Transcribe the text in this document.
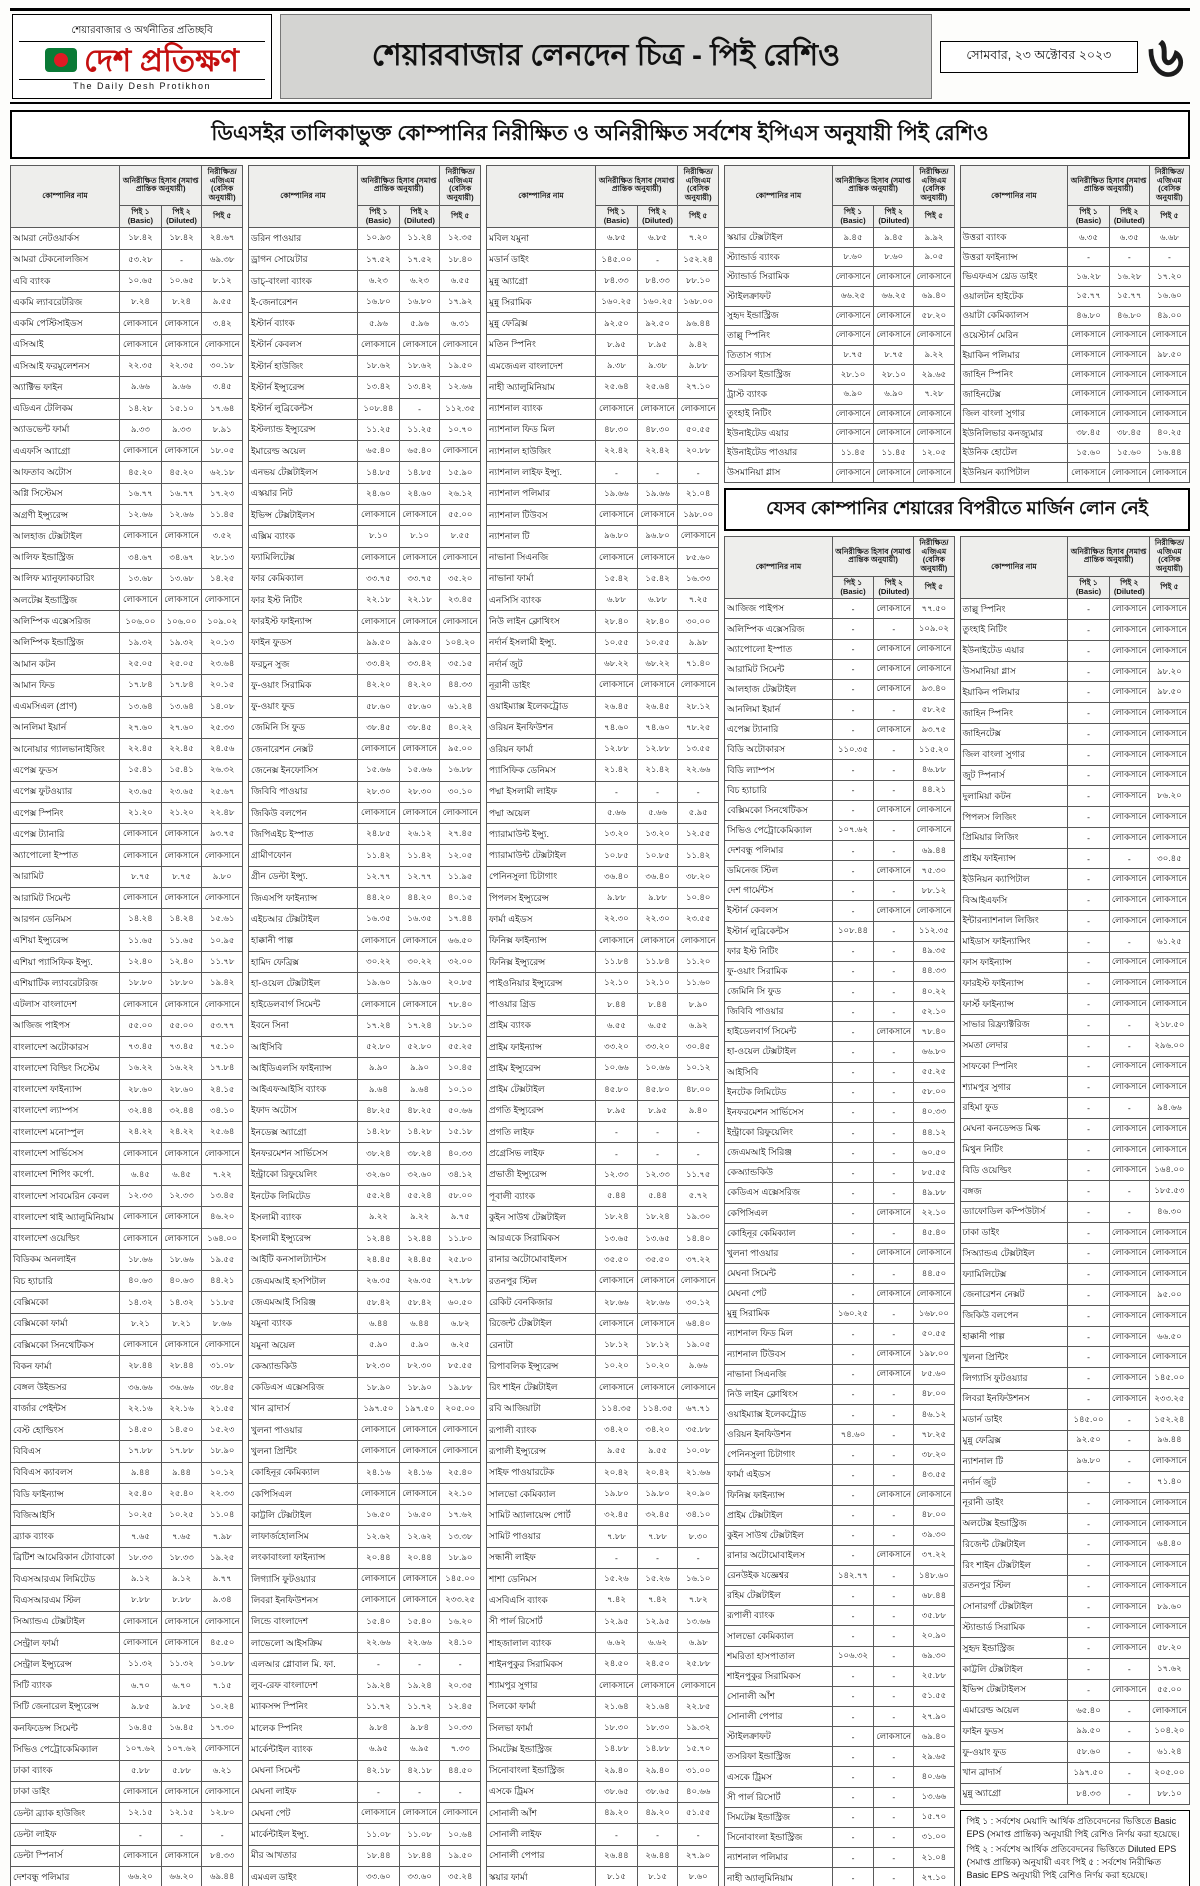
শেয়ারবাজার ও অর্থনীতির প্রতিচ্ছবি
দেশ প্রতিক্ষণ
The Daily Desh Protikhon
শেয়ারবাজার লেনদেন চিত্র - পিই রেশিও	সোমবার, ২৩ অক্টোবর ২০২৩ ৬
ডিএসইর তালিকাভুক্ত কোম্পানির নিরীক্ষিত ও অনিরীক্ষিত সর্বশেষ ইপিএস অনুযায়ী পিই রেশিও
কোম্পানির নাম	অনিরীক্ষিত হিসাব (সমাপ্ত প্রান্তিক অনুযায়ী)		নিরীক্ষিত/এজিএম (বেসিক অনুযায়ী)
	পিই ১ (Basic)	পিই ২ (Diluted)	পিই ৫
আমরা নেটওয়ার্কস	১৮.৪২	১৮.৪২	২৪.৬৭
আমরা টেকনোলজিস	৫৩.২৮	-	৬৯.৩৮
এবি ব্যাংক	১০.৬৫	১০.৬৫	৮.১২
একমি ল্যাবরেটরিজ	৮.২৪	৮.২৪	৯.৫৫
একমি পেস্টিসাইডস	লোকসানে	লোকসানে	৩.৪২
এসিআই	লোকসানে	লোকসানে	লোকসানে
এসিআই ফরমুলেশনস	২২.৩৫	২২.৩৫	৩০.১৮
অ্যাক্টিভ ফাইন	৯.৬৬	৯.৬৬	৩.৪৫
এডিএন টেলিকম	১৪.২৮	১৫.১০	১৭.৬৪
অ্যাডভেন্ট ফার্মা	৯.৩৩	৯.৩৩	৮.৯১
এএফসি অ্যাগ্রো	লোকসানে	লোকসানে	১৮.০৫
আফতাব অটোস	৪৫.২০	৪৫.২০	৬২.১৮
অগ্নি সিস্টেমস	১৬.৭৭	১৬.৭৭	১৭.২৩
অগ্রণী ইন্স্যুরেন্স	১২.৬৬	১২.৬৬	১১.৪৫
আলহাজ টেক্সটাইল	লোকসানে	লোকসানে	৩.৫২
আলিফ ইন্ডাস্ট্রিজ	৩৪.৬৭	৩৪.৬৭	২৮.১৩
আলিফ ম্যানুফ্যাকচারিং	১৩.৬৮	১৩.৬৮	১৪.২৫
অলটেক্স ইন্ডাস্ট্রিজ	লোকসানে	লোকসানে	লোকসানে
অলিম্পিক এক্সেসরিজ	১০৬.০০	১০৬.০০	১০৯.০২
অলিম্পিক ইন্ডাস্ট্রিজ	১৯.৩২	১৯.৩২	২০.১৩
আমান কটন	২৫.০৫	২৫.০৫	২৩.৬৪
আমান ফিড	১৭.৮৪	১৭.৮৪	২০.১৫
এএমসিএল (প্রাণ)	১৩.৬৪	১৩.৬৪	১৪.০৮
আনলিমা ইয়ার্ন	২৭.৬০	২৭.৬০	২৫.৩৩
আনোয়ার গ্যালভানাইজিং	২২.৪৫	২২.৪৫	২৪.৫৬
এপেক্স ফুডস	১৫.৪১	১৫.৪১	২৬.৩২
এপেক্স ফুটওয়্যার	২৩.৬৫	২৩.৬৫	২৫.৬৭
এপেক্স স্পিনিং	২১.২০	২১.২০	২২.৪৮
এপেক্স ট্যানারি	লোকসানে	লোকসানে	৯৩.৭৫
অ্যাপোলো ইস্পাত	লোকসানে	লোকসানে	লোকসানে
আরামিট	৮.৭৫	৮.৭৫	৯.৮০
আরামিট সিমেন্ট	লোকসানে	লোকসানে	লোকসানে
আরগন ডেনিমস	১৪.২৪	১৪.২৪	১৫.৬১
এশিয়া ইন্স্যুরেন্স	১১.৬৫	১১.৬৫	১০.৯৫
এশিয়া প্যাসিফিক ইন্স্যু.	১২.৪০	১২.৪০	১১.৭৮
এশিয়াটিক ল্যাবরেটরিজ	১৮.৮০	১৮.৮০	১৯.৪২
এটলাস বাংলাদেশ	লোকসানে	লোকসানে	লোকসানে
আজিজ পাইপস	৫৫.০০	৫৫.০০	৫৩.৭৭
বাংলাদেশ অটোকারস	৭৩.৪৫	৭৩.৪৫	৭৫.১০
বাংলাদেশ বিল্ডিং সিস্টেম	১৬.২২	১৬.২২	১৭.৮৪
বাংলাদেশ ফাইন্যান্স	২৮.৬০	২৮.৬০	২৪.১৫
বাংলাদেশ ল্যাম্পস	৩২.৪৪	৩২.৪৪	৩৪.১০
বাংলাদেশ মনোস্পুল	২৪.২২	২৪.২২	২৫.৬৪
বাংলাদেশ সার্ভিসেস	লোকসানে	লোকসানে	লোকসানে
বাংলাদেশ শিপিং কর্পো.	৬.৪৫	৬.৪৫	৭.২২
বাংলাদেশ সাবমেরিন কেবল	১২.৩৩	১২.৩৩	১৩.৪৫
বাংলাদেশ থাই অ্যালুমিনিয়াম	লোকসানে	লোকসানে	৪৬.২০
বাংলাদেশ ওয়েল্ডিং	লোকসানে	লোকসানে	১৬৪.০০
বিডিকম অনলাইন	১৮.৬৬	১৮.৬৬	১৯.৫৫
বিচ হ্যাচারি	৪০.৬৩	৪০.৬৩	৪৪.২১
বেক্সিমকো	১৪.৩২	১৪.৩২	১১.৮৫
বেক্সিমকো ফার্মা	৮.২১	৮.২১	৮.৬৬
বেক্সিমকো সিনথেটিকস	লোকসানে	লোকসানে	লোকসানে
বিকন ফার্মা	২৮.৪৪	২৮.৪৪	৩১.০৮
বেঙ্গল উইন্ডসর	৩৬.৬৬	৩৬.৬৬	৩৮.৪৫
বার্জার পেইন্টস	২২.১৬	২২.১৬	২১.৫৫
বেস্ট হোল্ডিংস	১৪.৫০	১৪.৫০	১৫.২৩
বিবিএস	১৭.৮৮	১৭.৮৮	১৮.৯০
বিবিএস ক্যাবলস	৯.৪৪	৯.৪৪	১০.১২
বিডি ফাইন্যান্স	২৫.৪০	২৫.৪০	২২.৩৩
বিজিআইসি	১০.২৫	১০.২৫	১১.০৪
ব্র্যাক ব্যাংক	৭.৬৫	৭.৬৫	৭.৯৮
ব্রিটিশ আমেরিকান ট্যোবাকো	১৮.৩৩	১৮.৩৩	১৯.২৫
বিএসআরএম লিমিটেড	৯.১২	৯.১২	৯.৭৭
বিএসআরএম স্টিল	৮.৮৮	৮.৮৮	৯.৩৪
সিঅ্যান্ডএ টেক্সটাইল	লোকসানে	লোকসানে	লোকসানে
সেন্ট্রাল ফার্মা	লোকসানে	লোকসানে	৪৫.৫০
সেন্ট্রাল ইন্স্যুরেন্স	১১.৩২	১১.৩২	১০.৮৮
সিটি ব্যাংক	৬.৭০	৬.৭০	৭.১৫
সিটি জেনারেল ইন্স্যুরেন্স	৯.৮৫	৯.৮৫	১০.২৪
কনফিডেন্স সিমেন্ট	১৬.৪৫	১৬.৪৫	১৭.৩০
সিভিও পেট্রোকেমিক্যাল	১০৭.৬২	১০৭.৬২	লোকসানে
ঢাকা ব্যাংক	৫.৮৮	৫.৮৮	৬.২১
ঢাকা ডাইং	লোকসানে	লোকসানে	লোকসানে
ডেল্টা ব্র্যাক হাউজিং	১২.১৫	১২.১৫	১২.৮০
ডেল্টা লাইফ	-	-	-
ডেল্টা স্পিনার্স	লোকসানে	লোকসানে	৮৪.৩৩
দেশবন্ধু পলিমার	৬৬.২০	৬৬.২০	৬৯.৪৪
কোম্পানির নাম	অনিরীক্ষিত হিসাব (সমাপ্ত প্রান্তিক অনুযায়ী)		নিরীক্ষিত/এজিএম (বেসিক অনুযায়ী)
	পিই ১ (Basic)	পিই ২ (Diluted)	পিই ৫
ডরিন পাওয়ার	১০.৯৩	১১.২৪	১২.৩৫
ড্রাগন সোয়েটার	১৭.৫২	১৭.৫২	১৮.৪০
ডাচ্-বাংলা ব্যাংক	৬.২৩	৬.২৩	৬.৫৫
ই-জেনারেশন	১৬.৮০	১৬.৮০	১৭.৯২
ইস্টার্ন ব্যাংক	৫.৯৬	৫.৯৬	৬.৩১
ইস্টার্ন কেবলস	লোকসানে	লোকসানে	লোকসানে
ইস্টার্ন হাউজিং	১৮.৬২	১৮.৬২	১৯.৫০
ইস্টার্ন ইন্স্যুরেন্স	১৩.৪২	১৩.৪২	১২.৬৬
ইস্টার্ন লুব্রিকেন্টস	১০৮.৪৪	-	১১২.৩৫
ইস্টল্যান্ড ইন্স্যুরেন্স	১১.২৫	১১.২৫	১০.৭০
ইমারেল্ড অয়েল	৬৫.৪০	৬৫.৪০	লোকসানে
এনভয় টেক্সটাইলস	১৪.৮৫	১৪.৮৫	১৫.৯০
এস্কয়ার নিট	২৪.৬০	২৪.৬০	২৬.১২
ইভিন্স টেক্সটাইলস	লোকসানে	লোকসানে	৫৫.০০
এক্সিম ব্যাংক	৮.১০	৮.১০	৮.৫৫
ফ্যামিলিটেক্স	লোকসানে	লোকসানে	লোকসানে
ফার কেমিক্যাল	৩৩.৭৫	৩৩.৭৫	৩৫.২০
ফার ইস্ট নিটিং	২২.১৮	২২.১৮	২৩.৪৫
ফারইস্ট ফাইন্যান্স	লোকসানে	লোকসানে	লোকসানে
ফাইন ফুডস	৯৯.৫০	৯৯.৫০	১০৪.২০
ফরচুন সুজ	৩৩.৪২	৩৩.৪২	৩৫.১৫
ফু-ওয়াং সিরামিক	৪২.২০	৪২.২০	৪৪.৩৩
ফু-ওয়াং ফুড	৫৮.৬০	৫৮.৬০	৬১.২৪
জেমিনি সি ফুড	৩৮.৪৫	৩৮.৪৫	৪০.২২
জেনারেশন নেক্সট	লোকসানে	লোকসানে	৯৫.০০
জেনেক্স ইনফোসিস	১৫.৬৬	১৫.৬৬	১৬.৮৮
জিবিবি পাওয়ার	২৮.৩০	২৮.৩০	৩০.১০
জিকিউ বলপেন	লোকসানে	লোকসানে	লোকসানে
জিপিএইচ ইস্পাত	২৪.৮৫	২৬.১২	২৭.৪৫
গ্রামীণফোন	১১.৪২	১১.৪২	১২.০৫
গ্রীন ডেল্টা ইন্স্যু.	১২.৭৭	১২.৭৭	১১.৯৫
জিএসপি ফাইন্যান্স	৪৪.২০	৪৪.২০	৪০.১৫
এইচআর টেক্সটাইল	১৬.৩৫	১৬.৩৫	১৭.৪৪
হাক্কানী পাল্প	লোকসানে	লোকসানে	৬৬.৫০
হামিদ ফেব্রিক্স	৩০.২২	৩০.২২	৩২.০০
হা-ওয়েল টেক্সটাইল	১৯.৬০	১৯.৬০	২০.৮৫
হাইডেলবার্গ সিমেন্ট	লোকসানে	লোকসানে	৭৮.৪০
ইবনে সিনা	১৭.২৪	১৭.২৪	১৮.১০
আইসিবি	৫২.৮০	৫২.৮০	৫৫.২৫
আইডিএলসি ফাইন্যান্স	৯.৯০	৯.৯০	১০.৪৫
আইএফআইসি ব্যাংক	৯.৬৪	৯.৬৪	১০.১০
ইফাদ অটোস	৪৮.২৫	৪৮.২৫	৫০.৬৬
ইনডেক্স অ্যাগ্রো	১৪.২৮	১৪.২৮	১৫.১৮
ইনফরমেশন সার্ভিসেস	৩৮.২৪	৩৮.২৪	৪০.৩৩
ইন্ট্রাকো রিফুয়েলিং	৩২.৬০	৩২.৬০	৩৪.১২
ইনটেক লিমিটেড	৫৫.২৪	৫৫.২৪	৫৮.০০
ইসলামী ব্যাংক	৯.২২	৯.২২	৯.৭৫
ইসলামী ইন্স্যুরেন্স	১২.৪৪	১২.৪৪	১১.৮০
আইটি কনসালট্যান্টস	২৪.৪৫	২৪.৪৫	২৫.৮০
জেএমআই হসপিটাল	২৬.৩৫	২৬.৩৫	২৭.৮৮
জেএমআই সিরিঞ্জ	৫৮.৪২	৫৮.৪২	৬০.৫০
যমুনা ব্যাংক	৬.৪৪	৬.৪৪	৬.৮২
যমুনা অয়েল	৫.৯০	৫.৯০	৬.২৫
কেঅ্যান্ডকিউ	৮২.৩০	৮২.৩০	৮৫.৫৫
কেডিএস এক্সেসরিজ	১৮.৯০	১৮.৯০	১৯.৮৮
খান ব্রাদার্স	১৯৭.৫০	১৯৭.৫০	২০৫.০০
খুলনা পাওয়ার	লোকসানে	লোকসানে	লোকসানে
খুলনা প্রিন্টিং	লোকসানে	লোকসানে	লোকসানে
কোহিনূর কেমিক্যাল	২৪.১৬	২৪.১৬	২৫.৪০
কেপিসিএল	লোকসানে	লোকসানে	২২.১০
কাট্টলি টেক্সটাইল	১৬.৫০	১৬.৫০	১৭.৬২
লাফার্জহোলসিম	১২.৬২	১২.৬২	১৩.৩৮
লংকাবাংলা ফাইন্যান্স	২০.৪৪	২০.৪৪	১৮.৯০
লিগ্যাসি ফুটওয়্যার	লোকসানে	লোকসানে	১৪৫.০০
লিবরা ইনফিউশনস	লোকসানে	লোকসানে	২৩৩.২৫
লিন্ডে বাংলাদেশ	১৫.৪০	১৫.৪০	১৬.২০
লাভেলো আইসক্রিম	২২.৬৬	২২.৬৬	২৪.১০
এলআর গ্লোবাল মি. ফা.	-	-	-
লুব-রেফ বাংলাদেশ	১৯.২৪	১৯.২৪	২০.৩৫
ম্যাকসন্স স্পিনিং	১১.৭২	১১.৭২	১২.৪৫
মালেক স্পিনিং	৯.৮৪	৯.৮৪	১০.৩৩
মার্কেন্টাইল ব্যাংক	৬.৯৫	৬.৯৫	৭.৩৩
মেঘনা সিমেন্ট	৪২.১৮	৪২.১৮	৪৪.৫০
মেঘনা লাইফ	-	-	-
মেঘনা পেট	লোকসানে	লোকসানে	লোকসানে
মার্কেন্টাইল ইন্স্যু.	১১.০৮	১১.০৮	১০.৬৪
মীর আখতার	১৮.৪৪	১৮.৪৪	১৯.৫০
এমএল ডাইং	৩৩.৬০	৩৩.৬০	৩৫.২৪
কোম্পানির নাম	অনিরীক্ষিত হিসাব (সমাপ্ত প্রান্তিক অনুযায়ী)		নিরীক্ষিত/এজিএম (বেসিক অনুযায়ী)
	পিই ১ (Basic)	পিই ২ (Diluted)	পিই ৫
মবিল যমুনা	৬.৮৫	৬.৮৫	৭.২০
মডার্ন ডাইং	১৪৫.০০	-	১৫২.২৪
মুন্নু অ্যাগ্রো	৮৪.৩৩	৮৪.৩৩	৮৮.১০
মুন্নু সিরামিক	১৬০.২৫	১৬০.২৫	১৬৮.০০
মুন্নু ফেব্রিক্স	৯২.৫০	৯২.৫০	৯৬.৪৪
মতিন স্পিনিং	৮.৯৫	৮.৯৫	৯.৪২
এমজেএল বাংলাদেশ	৯.৩৮	৯.৩৮	৯.৮৮
নাহী অ্যালুমিনিয়াম	২৫.৬৪	২৫.৬৪	২৭.১০
ন্যাশনাল ব্যাংক	লোকসানে	লোকসানে	লোকসানে
ন্যাশনাল ফিড মিল	৪৮.৩০	৪৮.৩০	৫০.৫৫
ন্যাশনাল হাউজিং	২২.৪২	২২.৪২	২০.৮৮
ন্যাশনাল লাইফ ইন্স্যু.	-	-	-
ন্যাশনাল পলিমার	১৯.৬৬	১৯.৬৬	২১.০৪
ন্যাশনাল টিউবস	লোকসানে	লোকসানে	১৯৮.০০
ন্যাশনাল টি	৯৬.৮০	৯৬.৮০	লোকসানে
নাভানা সিএনজি	লোকসানে	লোকসানে	৮৫.৬০
নাভানা ফার্মা	১৫.৪২	১৫.৪২	১৬.৩৩
এনসিসি ব্যাংক	৬.৮৮	৬.৮৮	৭.২৫
নিউ লাইন ক্লোথিংস	২৮.৪০	২৮.৪০	৩০.০০
নর্দার্ন ইসলামী ইন্স্যু.	১০.৫৫	১০.৫৫	৯.৯৮
নর্দার্ন জুট	৬৮.২২	৬৮.২২	৭১.৪০
নূরানী ডাইং	লোকসানে	লোকসানে	লোকসানে
ওয়াইম্যাক্স ইলেকট্রোড	২৬.৪৫	২৬.৪৫	২৮.১২
ওরিয়ন ইনফিউশন	৭৪.৬০	৭৪.৬০	৭৮.২৫
ওরিয়ন ফার্মা	১২.৮৮	১২.৮৮	১৩.৫৫
প্যাসিফিক ডেনিমস	২১.৪২	২১.৪২	২২.৬৬
পদ্মা ইসলামী লাইফ	-	-	-
পদ্মা অয়েল	৫.৬৬	৫.৬৬	৫.৯৫
প্যারামাউন্ট ইন্স্যু.	১৩.২০	১৩.২০	১২.৫৫
প্যারামাউন্ট টেক্সটাইল	১০.৮৫	১০.৮৫	১১.৪২
পেনিনসুলা চিটাগাং	৩৬.৪০	৩৬.৪০	৩৮.২০
পিপলস ইন্স্যুরেন্স	৯.৮৮	৯.৮৮	১০.৪০
ফার্মা এইডস	২২.৩০	২২.৩০	২৩.৫৫
ফিনিক্স ফাইন্যান্স	লোকসানে	লোকসানে	লোকসানে
ফিনিক্স ইন্স্যুরেন্স	১১.৮৪	১১.৮৪	১১.২০
পাইওনিয়ার ইন্স্যুরেন্স	১২.১০	১২.১০	১১.৬০
পাওয়ার গ্রিড	৮.৪৪	৮.৪৪	৮.৯০
প্রাইম ব্যাংক	৬.৫৫	৬.৫৫	৬.৯২
প্রাইম ফাইন্যান্স	৩৩.২০	৩৩.২০	৩০.৪৫
প্রাইম ইন্স্যুরেন্স	১০.৬৬	১০.৬৬	১০.১২
প্রাইম টেক্সটাইল	৪৫.৮০	৪৫.৮০	৪৮.০০
প্রগতি ইন্স্যুরেন্স	৮.৯৫	৮.৯৫	৯.৪০
প্রগতি লাইফ	-	-	-
প্রগ্রেসিভ লাইফ	-	-	-
প্রভাতী ইন্স্যুরেন্স	১২.৩৩	১২.৩৩	১১.৭৫
পূবালী ব্যাংক	৫.৪৪	৫.৪৪	৫.৭২
কুইন সাউথ টেক্সটাইল	১৮.২৪	১৮.২৪	১৯.৩০
আরএকে সিরামিকস	১৩.৬৫	১৩.৬৫	১৪.৪০
রানার অটোমোবাইলস	৩৫.৫০	৩৫.৫০	৩৭.২২
রতনপুর স্টিল	লোকসানে	লোকসানে	লোকসানে
রেকিট বেনকিজার	২৮.৬৬	২৮.৬৬	৩০.১২
রিজেন্ট টেক্সটাইল	লোকসানে	লোকসানে	৬৪.৪০
রেনাটা	১৮.১২	১৮.১২	১৯.০৫
রিপাবলিক ইন্স্যুরেন্স	১০.২০	১০.২০	৯.৬৬
রিং শাইন টেক্সটাইল	লোকসানে	লোকসানে	লোকসানে
রবি আজিয়াটা	১১৪.৩৫	১১৪.৩৫	৬৭.৭১
রূপালী ব্যাংক	৩৪.২০	৩৪.২০	৩৫.৮৮
রূপালী ইন্স্যুরেন্স	৯.৫৫	৯.৫৫	১০.০৮
সাইফ পাওয়ারটেক	২০.৪২	২০.৪২	২১.৬৬
সালভো কেমিক্যাল	১৯.৮০	১৯.৮০	২০.৯০
সামিট অ্যালায়েন্স পোর্ট	৩২.৪৫	৩২.৪৫	৩৪.১০
সামিট পাওয়ার	৭.৮৮	৭.৮৮	৮.৩০
সন্ধানী লাইফ	-	-	-
শাশা ডেনিমস	১৫.২৬	১৫.২৬	১৬.১০
এসবিএসি ব্যাংক	৭.৪২	৭.৪২	৭.৮২
সী পার্ল রিসোর্ট	১২.৯৫	১২.৯৫	১৩.৬৬
শাহজালাল ব্যাংক	৬.৬২	৬.৬২	৬.৯৮
শাইনপুকুর সিরামিকস	২৪.৫০	২৪.৫০	২৫.৮৮
শ্যামপুর সুগার	লোকসানে	লোকসানে	লোকসানে
সিলকো ফার্মা	২১.৬৪	২১.৬৪	২২.৮৫
সিলভা ফার্মা	১৮.৩০	১৮.৩০	১৯.৩২
সিমটেক্স ইন্ডাস্ট্রিজ	১৪.৮৮	১৪.৮৮	১৫.৭০
সিনোবাংলা ইন্ডাস্ট্রিজ	২৯.৪০	২৯.৪০	৩১.০০
এসকে ট্রিমস	৩৮.৬৫	৩৮.৬৫	৪০.৬৬
সোনালী আঁশ	৪৯.২০	৪৯.২০	৫১.৫৫
সোনালী লাইফ	-	-	-
সোনালী পেপার	২৬.৪৪	২৬.৪৪	২৭.৯০
স্কয়ার ফার্মা	৮.১৫	৮.১৫	৮.৬০
কোম্পানির নাম	অনিরীক্ষিত হিসাব (সমাপ্ত প্রান্তিক অনুযায়ী)		নিরীক্ষিত/এজিএম (বেসিক অনুযায়ী)
	পিই ১ (Basic)	পিই ২ (Diluted)	পিই ৫
স্কয়ার টেক্সটাইল	৯.৪৫	৯.৪৫	৯.৯২
স্ট্যান্ডার্ড ব্যাংক	৮.৬০	৮.৬০	৯.০৫
স্ট্যান্ডার্ড সিরামিক	লোকসানে	লোকসানে	লোকসানে
স্টাইলক্রাফট	৬৬.২৫	৬৬.২৫	৬৯.৪০
সুহৃদ ইন্ডাস্ট্রিজ	লোকসানে	লোকসানে	৫৮.২০
তাল্লু স্পিনিং	লোকসানে	লোকসানে	লোকসানে
তিতাস গ্যাস	৮.৭৫	৮.৭৫	৯.২২
তসরিফা ইন্ডাস্ট্রিজ	২৮.১০	২৮.১০	২৯.৬৫
ট্রাস্ট ব্যাংক	৬.৯০	৬.৯০	৭.২৮
তুংহাই নিটিং	লোকসানে	লোকসানে	লোকসানে
ইউনাইটেড এয়ার	লোকসানে	লোকসানে	লোকসানে
ইউনাইটেড পাওয়ার	১১.৪৫	১১.৪৫	১২.০৫
উসমানিয়া গ্লাস	লোকসানে	লোকসানে	লোকসানে
কোম্পানির নাম	অনিরীক্ষিত হিসাব (সমাপ্ত প্রান্তিক অনুযায়ী)		নিরীক্ষিত/এজিএম (বেসিক অনুযায়ী)
	পিই ১ (Basic)	পিই ২ (Diluted)	পিই ৫
উত্তরা ব্যাংক	৬.৩৫	৬.৩৫	৬.৬৮
উত্তরা ফাইন্যান্স	-	-	-
ভিএফএস থ্রেড ডাইং	১৬.২৮	১৬.২৮	১৭.২০
ওয়ালটন হাইটেক	১৫.৭৭	১৫.৭৭	১৬.৬০
ওয়াটা কেমিক্যালস	৪৬.৮০	৪৬.৮০	৪৯.০০
ওয়েস্টার্ন মেরিন	লোকসানে	লোকসানে	লোকসানে
ইয়াকিন পলিমার	লোকসানে	লোকসানে	৯৮.৫০
জাহিন স্পিনিং	লোকসানে	লোকসানে	লোকসানে
জাহিনটেক্স	লোকসানে	লোকসানে	লোকসানে
জিল বাংলা সুগার	লোকসানে	লোকসানে	লোকসানে
ইউনিলিভার কনজ্যুমার	৩৮.৪৫	৩৮.৪৫	৪০.২৫
ইউনিক হোটেল	১৫.৬০	১৫.৬০	১৬.৪৪
ইউনিয়ন ক্যাপিটাল	লোকসানে	লোকসানে	লোকসানে
যেসব কোম্পানির শেয়ারের বিপরীতে মার্জিন লোন নেই
কোম্পানির নাম	অনিরীক্ষিত হিসাব (সমাপ্ত প্রান্তিক অনুযায়ী)		নিরীক্ষিত/এজিএম (বেসিক অনুযায়ী)
	পিই ১ (Basic)	পিই ২ (Diluted)	পিই ৫
আজিজ পাইপস	-	লোকসানে	৭৭.৫০
অলিম্পিক এক্সেসরিজ	-	-	১০৯.০২
অ্যাপোলো ইস্পাত	-	লোকসানে	লোকসানে
আরামিট সিমেন্ট	-	লোকসানে	লোকসানে
আলহাজ টেক্সটাইল	-	লোকসানে	৯৩.৪০
আনলিমা ইয়ার্ন	-	-	৫৮.২৫
এপেক্স ট্যানারি	-	লোকসানে	৯৩.৭৫
বিডি অটোকারস	১১০.৩৫	-	১১৫.২০
বিডি ল্যাম্পস	-	-	৪৬.৮৮
বিচ হ্যাচারি	-	-	৪৪.২১
বেক্সিমকো সিনথেটিকস	-	লোকসানে	লোকসানে
সিভিও পেট্রোকেমিক্যাল	১০৭.৬২	-	লোকসানে
দেশবন্ধু পলিমার	-	-	৬৯.৪৪
ডমিনেজ স্টিল	-	লোকসানে	৭৫.৩০
দেশ গার্মেন্টস	-	-	৮৮.১২
ইস্টার্ন কেবলস	-	লোকসানে	লোকসানে
ইস্টার্ন লুব্রিকেন্টস	১০৮.৪৪	-	১১২.৩৫
ফার ইস্ট নিটিং	-	-	৪৯.৩৫
ফু-ওয়াং সিরামিক	-	-	৪৪.৩৩
জেমিনি সি ফুড	-	-	৪০.২২
জিবিবি পাওয়ার	-	-	৫২.১০
হাইডেলবার্গ সিমেন্ট	-	লোকসানে	৭৮.৪০
হা-ওয়েল টেক্সটাইল	-	-	৬৬.৮০
আইসিবি	-	-	৫৫.২৫
ইনটেক লিমিটেড	-	-	৫৮.০০
ইনফরমেশন সার্ভিসেস	-	-	৪০.৩৩
ইন্ট্রাকো রিফুয়েলিং	-	-	৪৪.১২
জেএমআই সিরিঞ্জ	-	-	৬০.৫০
কেঅ্যান্ডকিউ	-	-	৮৫.৫৫
কেডিএস এক্সেসরিজ	-	-	৪৯.৮৮
কেপিসিএল	-	লোকসানে	২২.১০
কোহিনূর কেমিক্যাল	-	-	৪৫.৪০
খুলনা পাওয়ার	-	লোকসানে	লোকসানে
মেঘনা সিমেন্ট	-	-	৪৪.৫০
মেঘনা পেট	-	লোকসানে	লোকসানে
মুন্নু সিরামিক	১৬০.২৫	-	১৬৮.০০
ন্যাশনাল ফিড মিল	-	-	৫০.৫৫
ন্যাশনাল টিউবস	-	লোকসানে	১৯৮.০০
নাভানা সিএনজি	-	লোকসানে	৮৫.৬০
নিউ লাইন ক্লোথিংস	-	-	৪৮.০০
ওয়াইম্যাক্স ইলেকট্রোড	-	-	৪৬.১২
ওরিয়ন ইনফিউশন	৭৪.৬০	-	৭৮.২৫
পেনিনসুলা চিটাগাং	-	-	৩৮.২০
ফার্মা এইডস	-	-	৪৩.৫৫
ফিনিক্স ফাইন্যান্স	-	লোকসানে	লোকসানে
প্রাইম টেক্সটাইল	-	-	৪৮.০০
কুইন সাউথ টেক্সটাইল	-	-	৩৯.৩০
রানার অটোমোবাইলস	-	লোকসানে	৩৭.২২
রেনউইক যজ্ঞেশ্বর	১৪২.৭৭	-	১৪৮.৬০
রহিম টেক্সটাইল	-	-	৬৮.৪৪
রূপালী ব্যাংক	-	-	৩৫.৮৮
সালভো কেমিক্যাল	-	-	২০.৯০
শমরিতা হাসপাতাল	১০৬.৩২	-	৬৯.৩০
শাইনপুকুর সিরামিকস	-	-	২৫.৮৮
সোনালী আঁশ	-	-	৫১.৫৫
সোনালী পেপার	-	-	২৭.৯০
স্টাইলক্রাফট	-	লোকসানে	৬৯.৪০
তসরিফা ইন্ডাস্ট্রিজ	-	-	২৯.৬৫
এসকে ট্রিমস	-	-	৪০.৬৬
সী পার্ল রিসোর্ট	-	-	১৩.৬৬
সিমটেক্স ইন্ডাস্ট্রিজ	-	-	১৫.৭০
সিনোবাংলা ইন্ডাস্ট্রিজ	-	-	৩১.০০
ন্যাশনাল পলিমার	-	-	২১.০৪
নাহী অ্যালুমিনিয়াম	-	-	২৭.১০
কোম্পানির নাম	অনিরীক্ষিত হিসাব (সমাপ্ত প্রান্তিক অনুযায়ী)		নিরীক্ষিত/এজিএম (বেসিক অনুযায়ী)
	পিই ১ (Basic)	পিই ২ (Diluted)	পিই ৫
তাল্লু স্পিনিং	-	লোকসানে	লোকসানে
তুংহাই নিটিং	-	লোকসানে	লোকসানে
ইউনাইটেড এয়ার	-	লোকসানে	লোকসানে
উসমানিয়া গ্লাস	-	লোকসানে	৯৮.২০
ইয়াকিন পলিমার	-	লোকসানে	৯৮.৫০
জাহিন স্পিনিং	-	লোকসানে	লোকসানে
জাহিনটেক্স	-	লোকসানে	লোকসানে
জিল বাংলা সুগার	-	লোকসানে	লোকসানে
জুট স্পিনার্স	-	লোকসানে	লোকসানে
দুলামিয়া কটন	-	লোকসানে	৮৬.২০
পিপলস লিজিং	-	লোকসানে	লোকসানে
প্রিমিয়ার লিজিং	-	লোকসানে	লোকসানে
প্রাইম ফাইন্যান্স	-	-	৩০.৪৫
ইউনিয়ন ক্যাপিটাল	-	লোকসানে	লোকসানে
বিআইএফসি	-	লোকসানে	লোকসানে
ইন্টারন্যাশনাল লিজিং	-	লোকসানে	লোকসানে
মাইডাস ফাইন্যান্সিং	-	-	৬১.২৫
ফাস ফাইন্যান্স	-	লোকসানে	লোকসানে
ফারইস্ট ফাইন্যান্স	-	লোকসানে	লোকসানে
ফার্স্ট ফাইন্যান্স	-	লোকসানে	লোকসানে
সাভার রিফ্র্যাক্টরিজ	-	-	২১৮.৫০
সমতা লেদার	-	-	২৯৬.০০
সাফকো স্পিনিং	-	লোকসানে	লোকসানে
শ্যামপুর সুগার	-	লোকসানে	লোকসানে
রহিমা ফুড	-	-	৯৪.৬৬
মেঘনা কনডেন্সড মিল্ক	-	লোকসানে	লোকসানে
মিথুন নিটিং	-	লোকসানে	লোকসানে
বিডি ওয়েল্ডিং	-	লোকসানে	১৬৪.০০
বঙ্গজ	-	-	১৮৫.৫৩
ড্যাফোডিল কম্পিউটার্স	-	-	৪৬.৩০
ঢাকা ডাইং	-	লোকসানে	লোকসানে
সিঅ্যান্ডএ টেক্সটাইল	-	লোকসানে	লোকসানে
ফ্যামিলিটেক্স	-	লোকসানে	লোকসানে
জেনারেশন নেক্সট	-	লোকসানে	৯৫.০০
জিকিউ বলপেন	-	লোকসানে	লোকসানে
হাক্কানী পাল্প	-	লোকসানে	৬৬.৫০
খুলনা প্রিন্টিং	-	লোকসানে	লোকসানে
লিগ্যাসি ফুটওয়্যার	-	লোকসানে	১৪৫.০০
লিবরা ইনফিউশনস	-	লোকসানে	২৩৩.২৫
মডার্ন ডাইং	১৪৫.০০	-	১৫২.২৪
মুন্নু ফেব্রিক্স	৯২.৫০	-	৯৬.৪৪
ন্যাশনাল টি	৯৬.৮০	-	লোকসানে
নর্দার্ন জুট	-	-	৭১.৪০
নূরানী ডাইং	-	লোকসানে	লোকসানে
অলটেক্স ইন্ডাস্ট্রিজ	-	লোকসানে	লোকসানে
রিজেন্ট টেক্সটাইল	-	লোকসানে	৬৪.৪০
রিং শাইন টেক্সটাইল	-	লোকসানে	লোকসানে
রতনপুর স্টিল	-	লোকসানে	লোকসানে
সোনারগাঁ টেক্সটাইল	-	লোকসানে	৮৯.৬০
স্ট্যান্ডার্ড সিরামিক	-	লোকসানে	লোকসানে
সুহৃদ ইন্ডাস্ট্রিজ	-	লোকসানে	৫৮.২০
কাট্টলি টেক্সটাইল	-	-	১৭.৬২
ইভিন্স টেক্সটাইলস	-	লোকসানে	৫৫.০০
এমারেল্ড অয়েল	৬৫.৪০	-	লোকসানে
ফাইন ফুডস	৯৯.৫০	-	১০৪.২০
ফু-ওয়াং ফুড	৫৮.৬০	-	৬১.২৪
খান ব্রাদার্স	১৯৭.৫০	-	২০৫.০০
মুন্নু অ্যাগ্রো	৮৪.৩৩	-	৮৮.১০

পিই ১ : সর্বশেষ মেয়াদি আর্থিক প্রতিবেদনের ভিত্তিতে Basic EPS (সমাপ্ত প্রান্তিক) অনুযায়ী পিই রেশিও নির্ণয় করা হয়েছে।

পিই ২ : সর্বশেষ আর্থিক প্রতিবেদনের ভিত্তিতে Diluted EPS (সমাপ্ত প্রান্তিক) অনুযায়ী এবং পিই ৫ : সর্বশেষ নিরীক্ষিত Basic EPS অনুযায়ী পিই রেশিও নির্ণয় করা হয়েছে।
